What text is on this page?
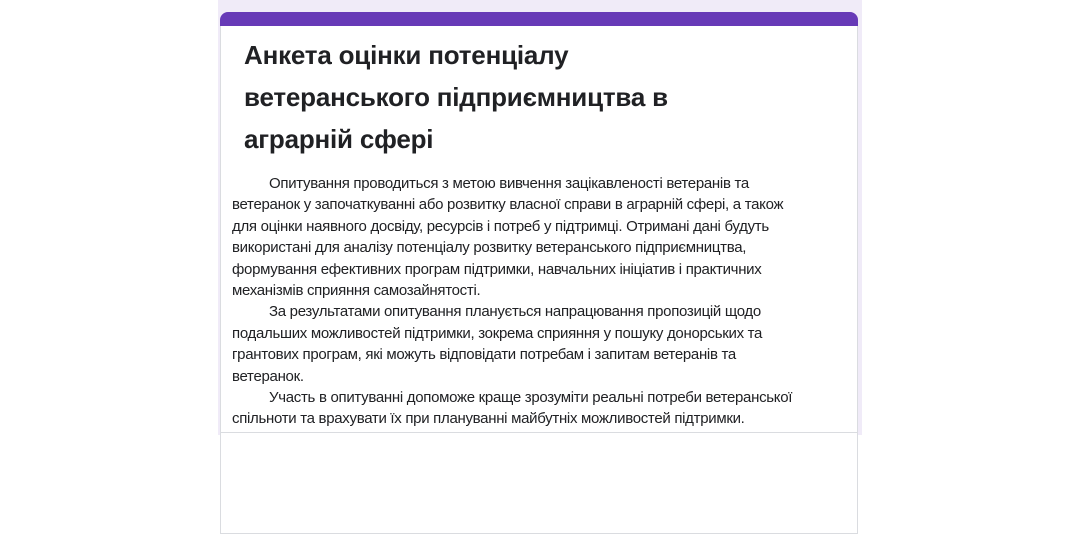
Анкета оцінки потенціалу
ветеранського підприємництва в
аграрній сфері
Опитування проводиться з метою вивчення зацікавленості ветеранів та
ветеранок у започаткуванні або розвитку власної справи в аграрній сфері, а також
для оцінки наявного досвіду, ресурсів і потреб у підтримці. Отримані дані будуть
використані для аналізу потенціалу розвитку ветеранського підприємництва,
формування ефективних програм підтримки, навчальних ініціатив і практичних
механізмів сприяння самозайнятості.
За результатами опитування планується напрацювання пропозицій щодо
подальших можливостей підтримки, зокрема сприяння у пошуку донорських та
грантових програм, які можуть відповідати потребам і запитам ветеранів та
ветеранок.
Участь в опитуванні допоможе краще зрозуміти реальні потреби ветеранської
спільноти та врахувати їх при плануванні майбутніх можливостей підтримки.
